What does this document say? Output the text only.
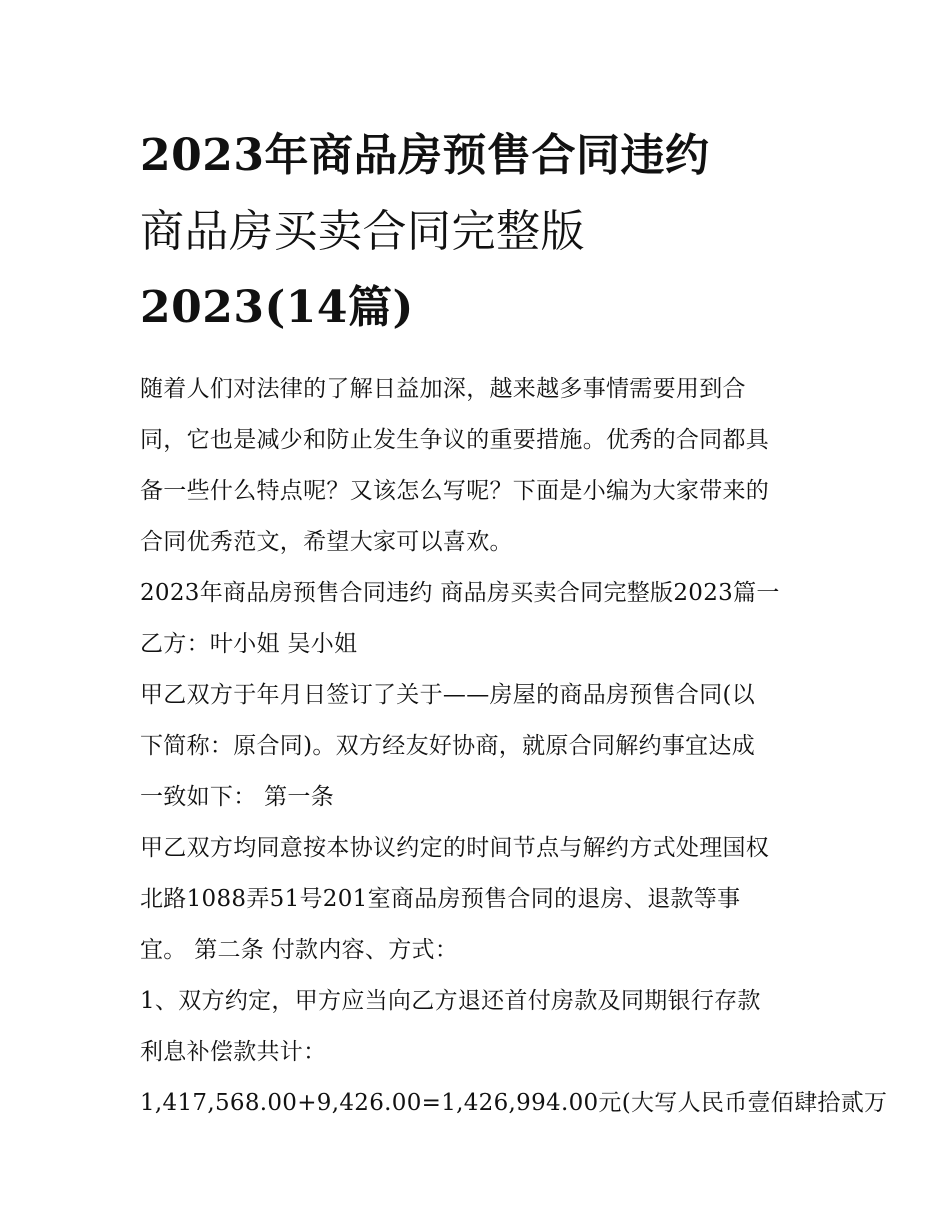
2023年商品房预售合同违约
商品房买卖合同完整版
2023(14篇)
随着人们对法律的了解日益加深，越来越多事情需要用到合
同，它也是减少和防止发生争议的重要措施。优秀的合同都具
备一些什么特点呢？又该怎么写呢？下面是小编为大家带来的
合同优秀范文，希望大家可以喜欢。
2023年商品房预售合同违约 商品房买卖合同完整版2023篇一
乙方：叶小姐 吴小姐
甲乙双方于年月日签订了关于——房屋的商品房预售合同(以
下简称：原合同)。双方经友好协商，就原合同解约事宜达成
一致如下： 第一条
甲乙双方均同意按本协议约定的时间节点与解约方式处理国权
北路1088弄51号201室商品房预售合同的退房、退款等事
宜。 第二条 付款内容、方式：
1、双方约定，甲方应当向乙方退还首付房款及同期银行存款
利息补偿款共计：
1,417,568.00+9,426.00=1,426,994.00元(大写人民币壹佰肆拾贰万
